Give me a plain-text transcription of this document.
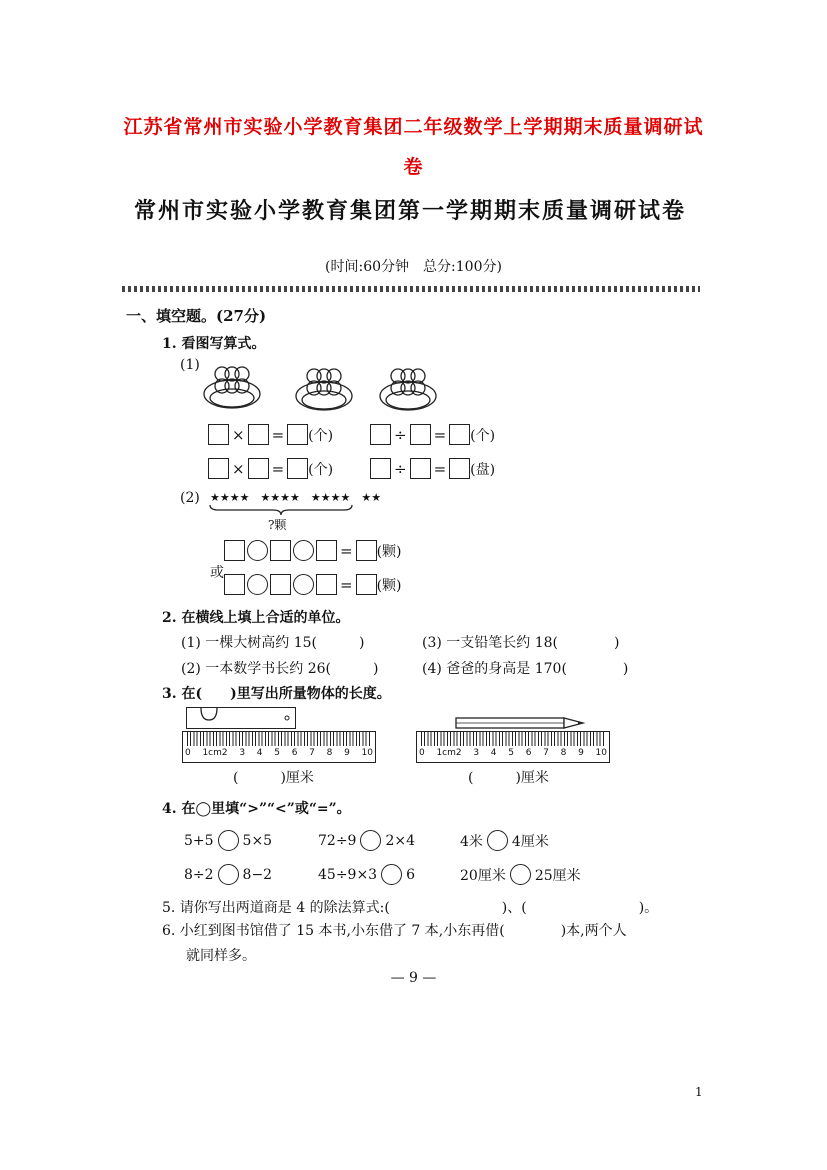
江苏省常州市实验小学教育集团二年级数学上学期期末质量调研试
卷
常州市实验小学教育集团第一学期期末质量调研试卷
(时间:60分钟　总分:100分)
一、填空题。(27分)
1. 看图写算式。
(1)
× = (个)	÷ = (个)
× = (个)	÷ = (盘)
(2) ★★★★　★★★★　★★★★　★★
?颗
= (颗)
或
= (颗)
2. 在横线上填上合适的单位。
(1) 一棵大树高约 15(　　　)	(3) 一支铅笔长约 18(　　　　)
(2) 一本数学书长约 26(　　　)	(4) 爸爸的身高是 170(　　　　)
3. 在(　　)里写出所量物体的长度。
0 1cm2 3 4 5 6 7 8 9 10
(　　　)厘米
0 1cm2 3 4 5 6 7 8 9 10
(　　　)厘米
4. 在◯里填“>”“<”或“=”。
5+5 5×5	72÷9 2×4	4米 4厘米
8÷2 8−2	45÷9×3 6	20厘米 25厘米
5. 请你写出两道商是 4 的除法算式:(　　　　　　　　)、(　　　　　　　　)。
6. 小红到图书馆借了 15 本书,小东借了 7 本,小东再借(　　　　)本,两个人
就同样多。
— 9 —
1
